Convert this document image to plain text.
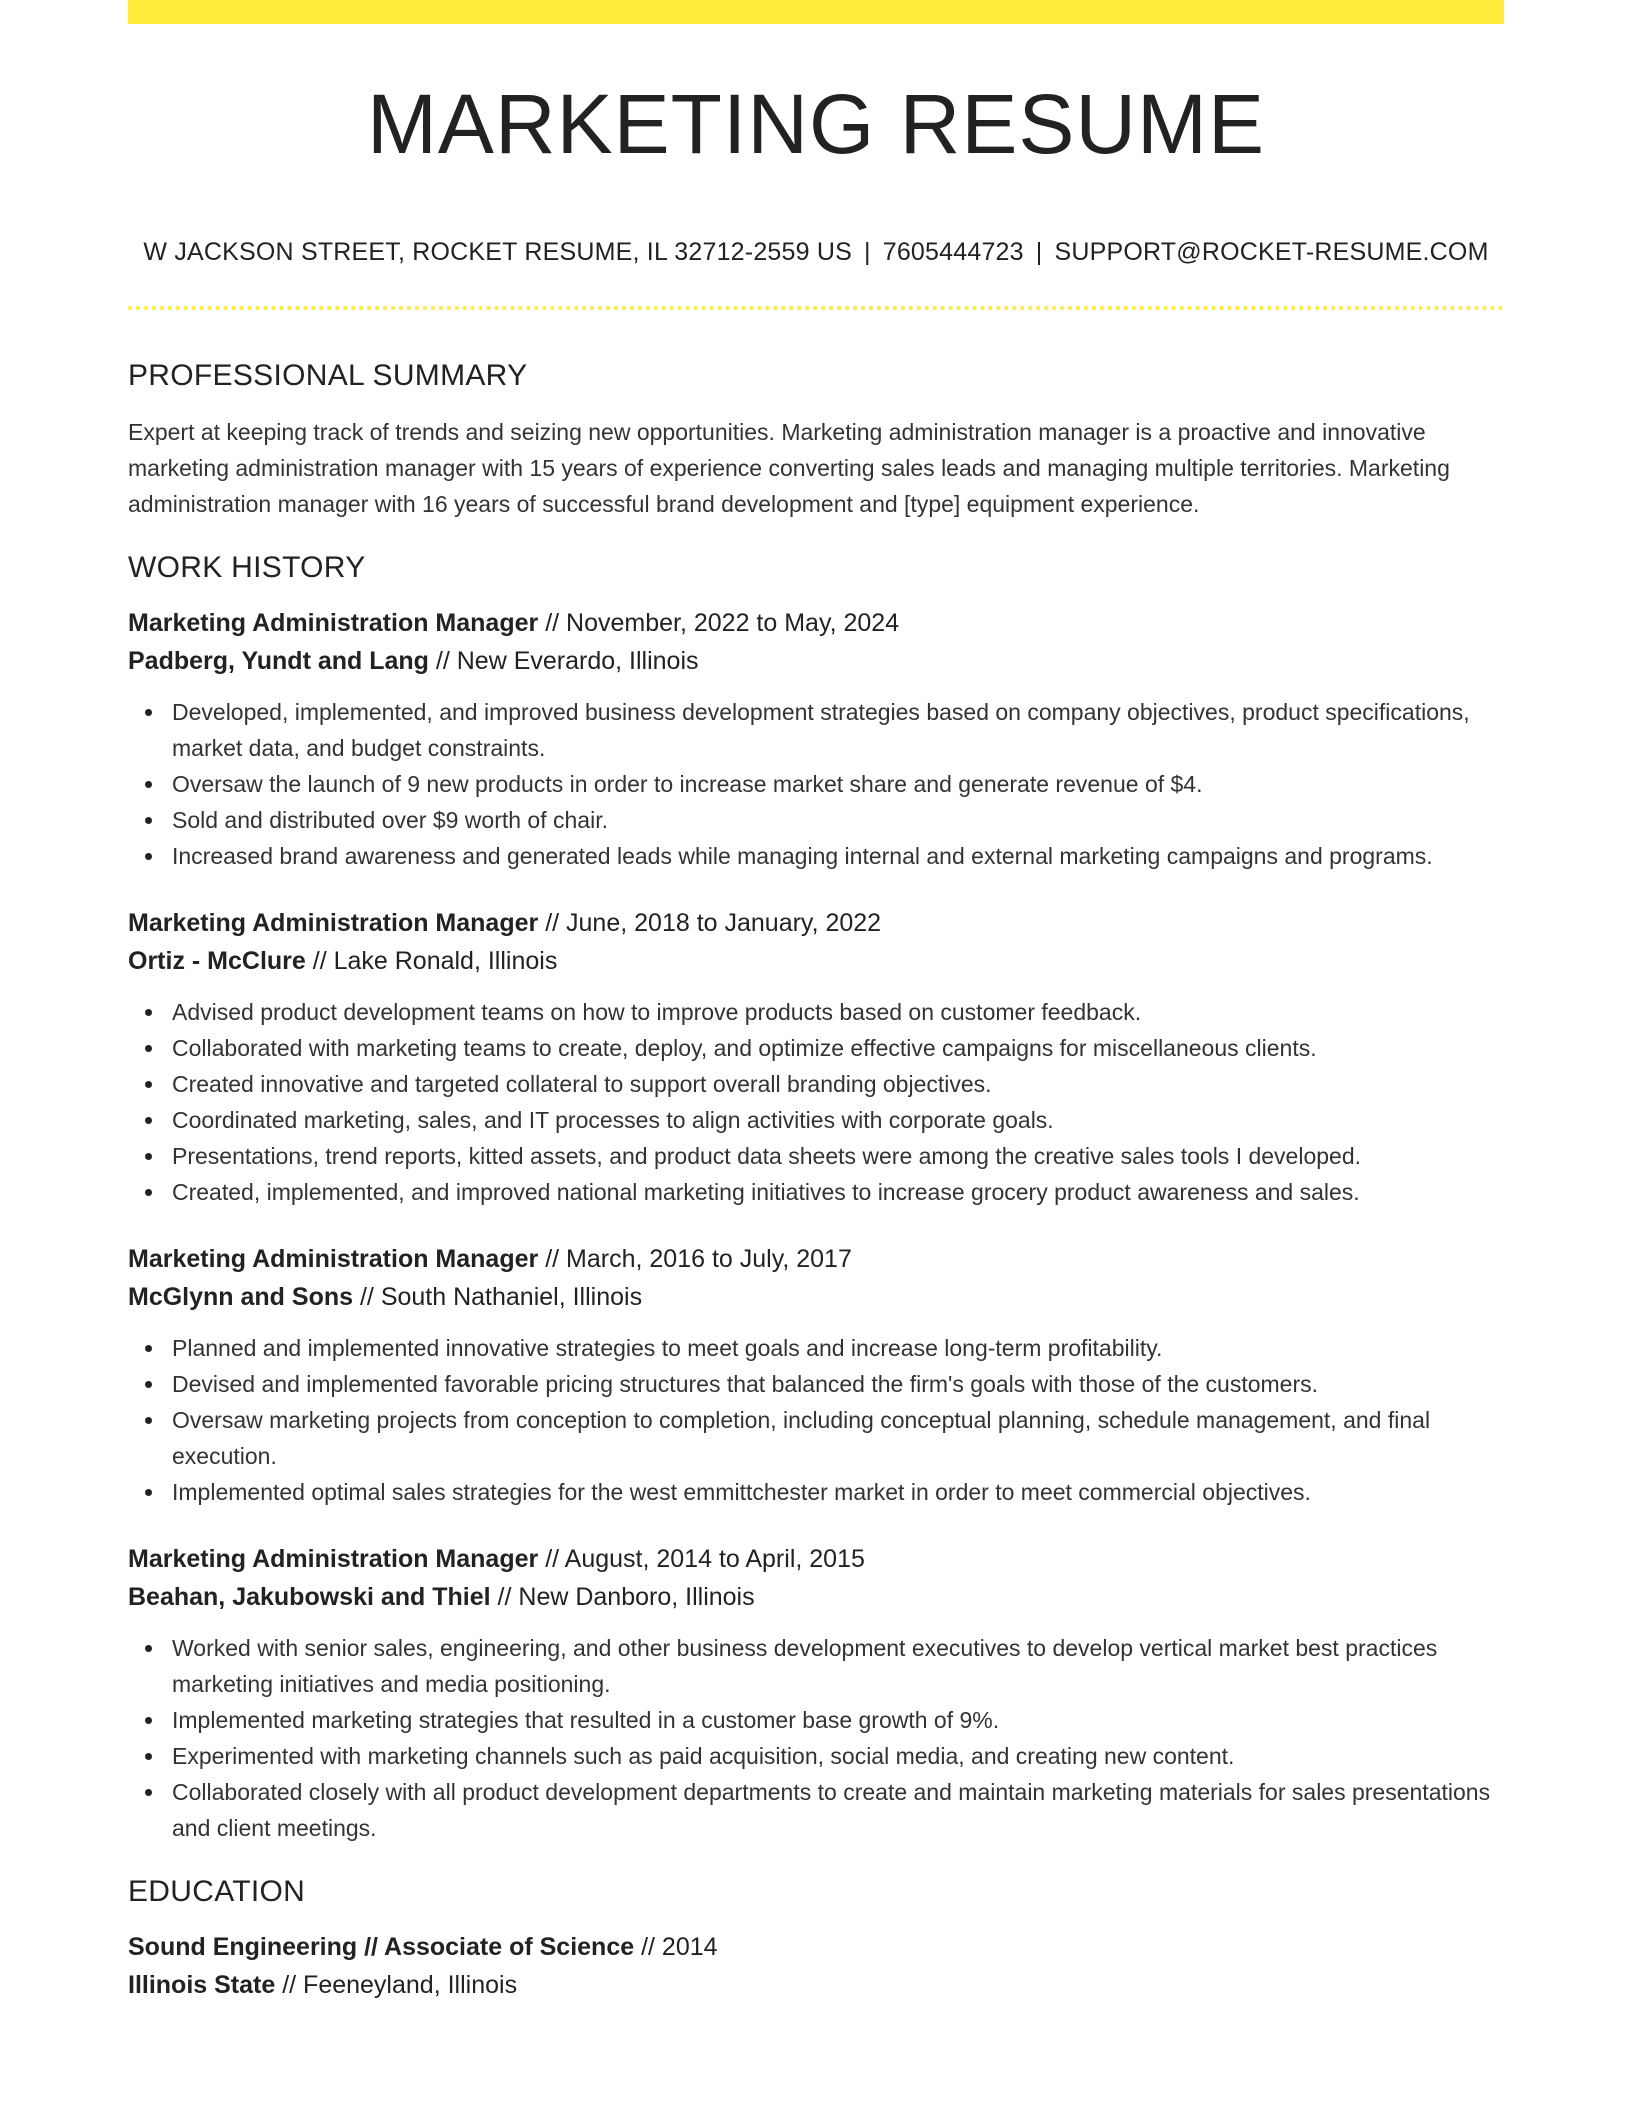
MARKETING RESUME
W JACKSON STREET, ROCKET RESUME, IL 32712-2559 US | 7605444723 | SUPPORT@ROCKET-RESUME.COM
PROFESSIONAL SUMMARY

Expert at keeping track of trends and seizing new opportunities. Marketing administration manager is a proactive and innovative marketing administration manager with 15 years of experience converting sales leads and managing multiple territories. Marketing administration manager with 16 years of successful brand development and [type] equipment experience.

WORK HISTORY
Marketing Administration Manager // November, 2022 to May, 2024
Padberg, Yundt and Lang // New Everardo, Illinois
Developed, implemented, and improved business development strategies based on company objectives, product specifications, market data, and budget constraints.
Oversaw the launch of 9 new products in order to increase market share and generate revenue of $4.
Sold and distributed over $9 worth of chair.
Increased brand awareness and generated leads while managing internal and external marketing campaigns and programs.
Marketing Administration Manager // June, 2018 to January, 2022
Ortiz - McClure // Lake Ronald, Illinois
Advised product development teams on how to improve products based on customer feedback.
Collaborated with marketing teams to create, deploy, and optimize effective campaigns for miscellaneous clients.
Created innovative and targeted collateral to support overall branding objectives.
Coordinated marketing, sales, and IT processes to align activities with corporate goals.
Presentations, trend reports, kitted assets, and product data sheets were among the creative sales tools I developed.
Created, implemented, and improved national marketing initiatives to increase grocery product awareness and sales.
Marketing Administration Manager // March, 2016 to July, 2017
McGlynn and Sons // South Nathaniel, Illinois
Planned and implemented innovative strategies to meet goals and increase long-term profitability.
Devised and implemented favorable pricing structures that balanced the firm's goals with those of the customers.
Oversaw marketing projects from conception to completion, including conceptual planning, schedule management, and final execution.
Implemented optimal sales strategies for the west emmittchester market in order to meet commercial objectives.
Marketing Administration Manager // August, 2014 to April, 2015
Beahan, Jakubowski and Thiel // New Danboro, Illinois
Worked with senior sales, engineering, and other business development executives to develop vertical market best practices marketing initiatives and media positioning.
Implemented marketing strategies that resulted in a customer base growth of 9%.
Experimented with marketing channels such as paid acquisition, social media, and creating new content.
Collaborated closely with all product development departments to create and maintain marketing materials for sales presentations and client meetings.
EDUCATION
Sound Engineering // Associate of Science // 2014
Illinois State // Feeneyland, Illinois
